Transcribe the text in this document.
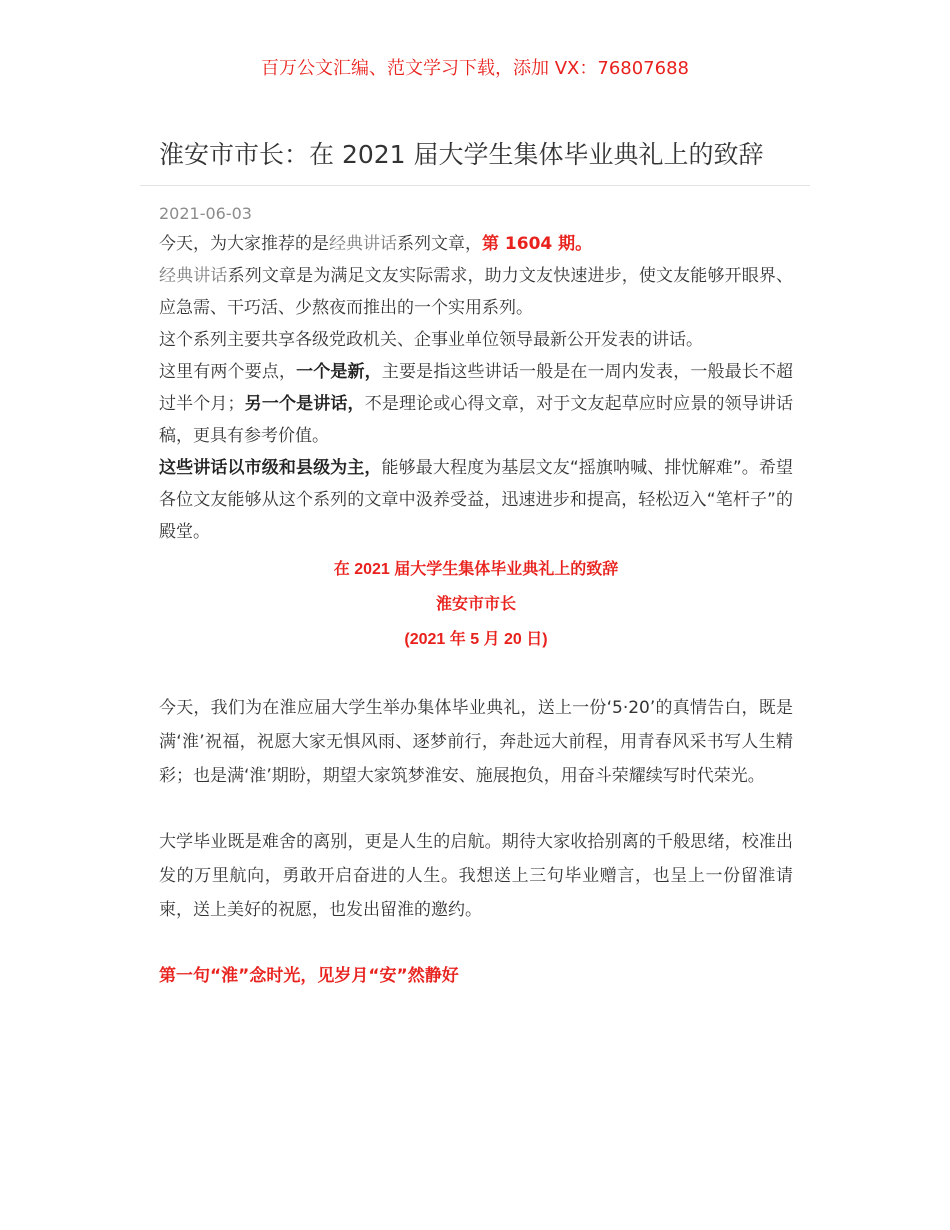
百万公文汇编、范文学习下载，添加 VX：76807688
淮安市市长：在 2021 届大学生集体毕业典礼上的致辞
2021-06-03

今天，为大家推荐的是经典讲话系列文章，第 1604 期。

经典讲话系列文章是为满足文友实际需求，助力文友快速进步，使文友能够开眼界、应急需、干巧活、少熬夜而推出的一个实用系列。

这个系列主要共享各级党政机关、企事业单位领导最新公开发表的讲话。

这里有两个要点，一个是新，主要是指这些讲话一般是在一周内发表，一般最长不超过半个月；另一个是讲话，不是理论或心得文章，对于文友起草应时应景的领导讲话稿，更具有参考价值。

这些讲话以市级和县级为主，能够最大程度为基层文友“摇旗呐喊、排忧解难”。希望各位文友能够从这个系列的文章中汲养受益，迅速进步和提高，轻松迈入“笔杆子”的殿堂。

在 2021 届大学生集体毕业典礼上的致辞

淮安市市长

(2021 年 5 月 20 日)

今天，我们为在淮应届大学生举办集体毕业典礼，送上一份‘5·20’的真情告白，既是满‘淮’祝福，祝愿大家无惧风雨、逐梦前行，奔赴远大前程，用青春风采书写人生精彩；也是满‘淮’期盼，期望大家筑梦淮安、施展抱负，用奋斗荣耀续写时代荣光。

大学毕业既是难舍的离别，更是人生的启航。期待大家收拾别离的千般思绪，校准出发的万里航向，勇敢开启奋进的人生。我想送上三句毕业赠言，也呈上一份留淮请柬，送上美好的祝愿，也发出留淮的邀约。

第一句“淮”念时光，见岁月“安”然静好
